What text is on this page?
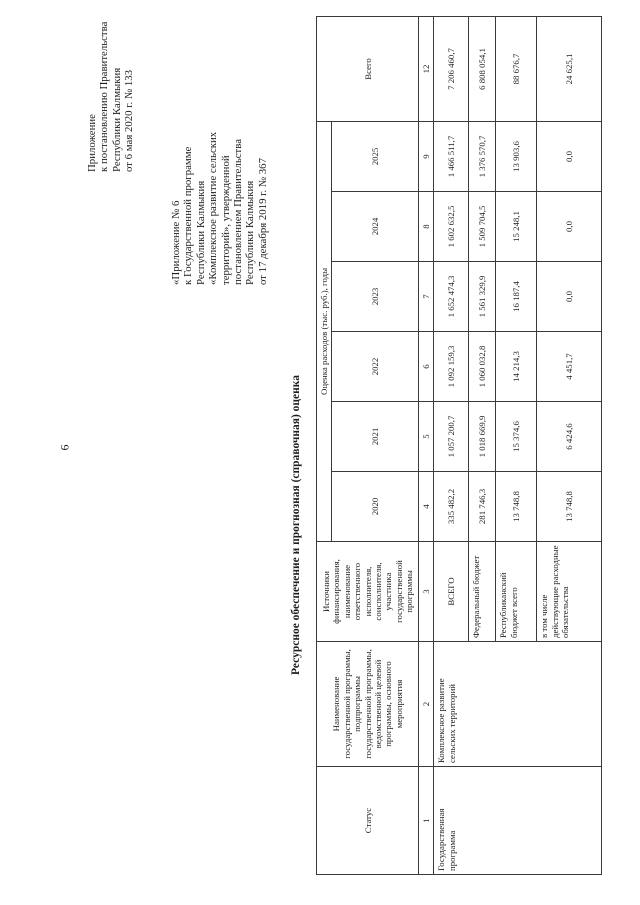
6
Приложение к постановлению Правительства Республики Калмыкия от 6 мая 2020 г. № 133
«Приложение № 6 к Государственной программе Республики Калмыкия «Комплексное развитие сельских территорий», утвержденной постановлением Правительства Республики Калмыкия от 17 декабря 2019 г. № 367
Ресурсное обеспечение и прогнозная (справочная) оценка
Статус	Наименование государственной программы, подпрограммы государственной программы, ведомственной целевой программы, основного мероприятия	Источники финансирования, наименование ответственного исполнителя, соисполнителя, участника государственной программы	Оценка расходов (тыс. руб.), годы						Всего
			2020	2021	2022	2023	2024	2025	
1	2	3	4	5	6	7	8	9	12
Государственная программа	Комплексное развитие сельских территорий	ВСЕГО	335 482,2	1 057 200,7	1 092 159,3	1 652 474,3	1 602 632,5	1 466 511,7	7 206 460,7
		Федеральный бюджет	281 746,3	1 018 669,9	1 060 032,8	1 561 329,9	1 509 704,5	1 376 570,7	6 808 054,1
		Республиканский бюджет всего	13 748,8	15 374,6	14 214,3	16 187,4	15 248,1	13 903,6	88 676,7
		в том числе действующие расходные обязательства	13 748,8	6 424,6	4 451,7	0,0	0,0	0,0	24 625,1
